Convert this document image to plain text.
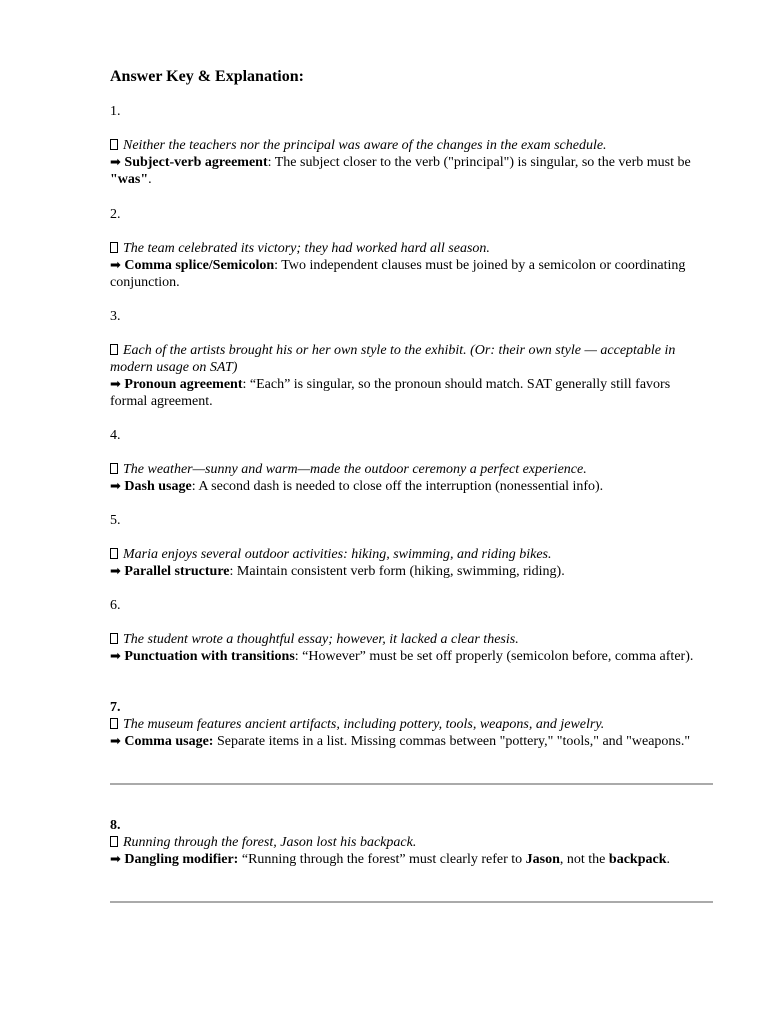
Answer Key & Explanation:
1.
Neither the teachers nor the principal was aware of the changes in the exam schedule.
➡ Subject-verb agreement: The subject closer to the verb ("principal") is singular, so the verb must be "was".
2.
The team celebrated its victory; they had worked hard all season.
➡ Comma splice/Semicolon: Two independent clauses must be joined by a semicolon or coordinating conjunction.
3.
Each of the artists brought his or her own style to the exhibit. (Or: their own style — acceptable in modern usage on SAT)
➡ Pronoun agreement: “Each” is singular, so the pronoun should match. SAT generally still favors formal agreement.
4.
The weather—sunny and warm—made the outdoor ceremony a perfect experience.
➡ Dash usage: A second dash is needed to close off the interruption (nonessential info).
5.
Maria enjoys several outdoor activities: hiking, swimming, and riding bikes.
➡ Parallel structure: Maintain consistent verb form (hiking, swimming, riding).
6.
The student wrote a thoughtful essay; however, it lacked a clear thesis.
➡ Punctuation with transitions: “However” must be set off properly (semicolon before, comma after).
7.
The museum features ancient artifacts, including pottery, tools, weapons, and jewelry.
➡ Comma usage: Separate items in a list. Missing commas between "pottery," "tools," and "weapons."
8.
Running through the forest, Jason lost his backpack.
➡ Dangling modifier: “Running through the forest” must clearly refer to Jason, not the backpack.
